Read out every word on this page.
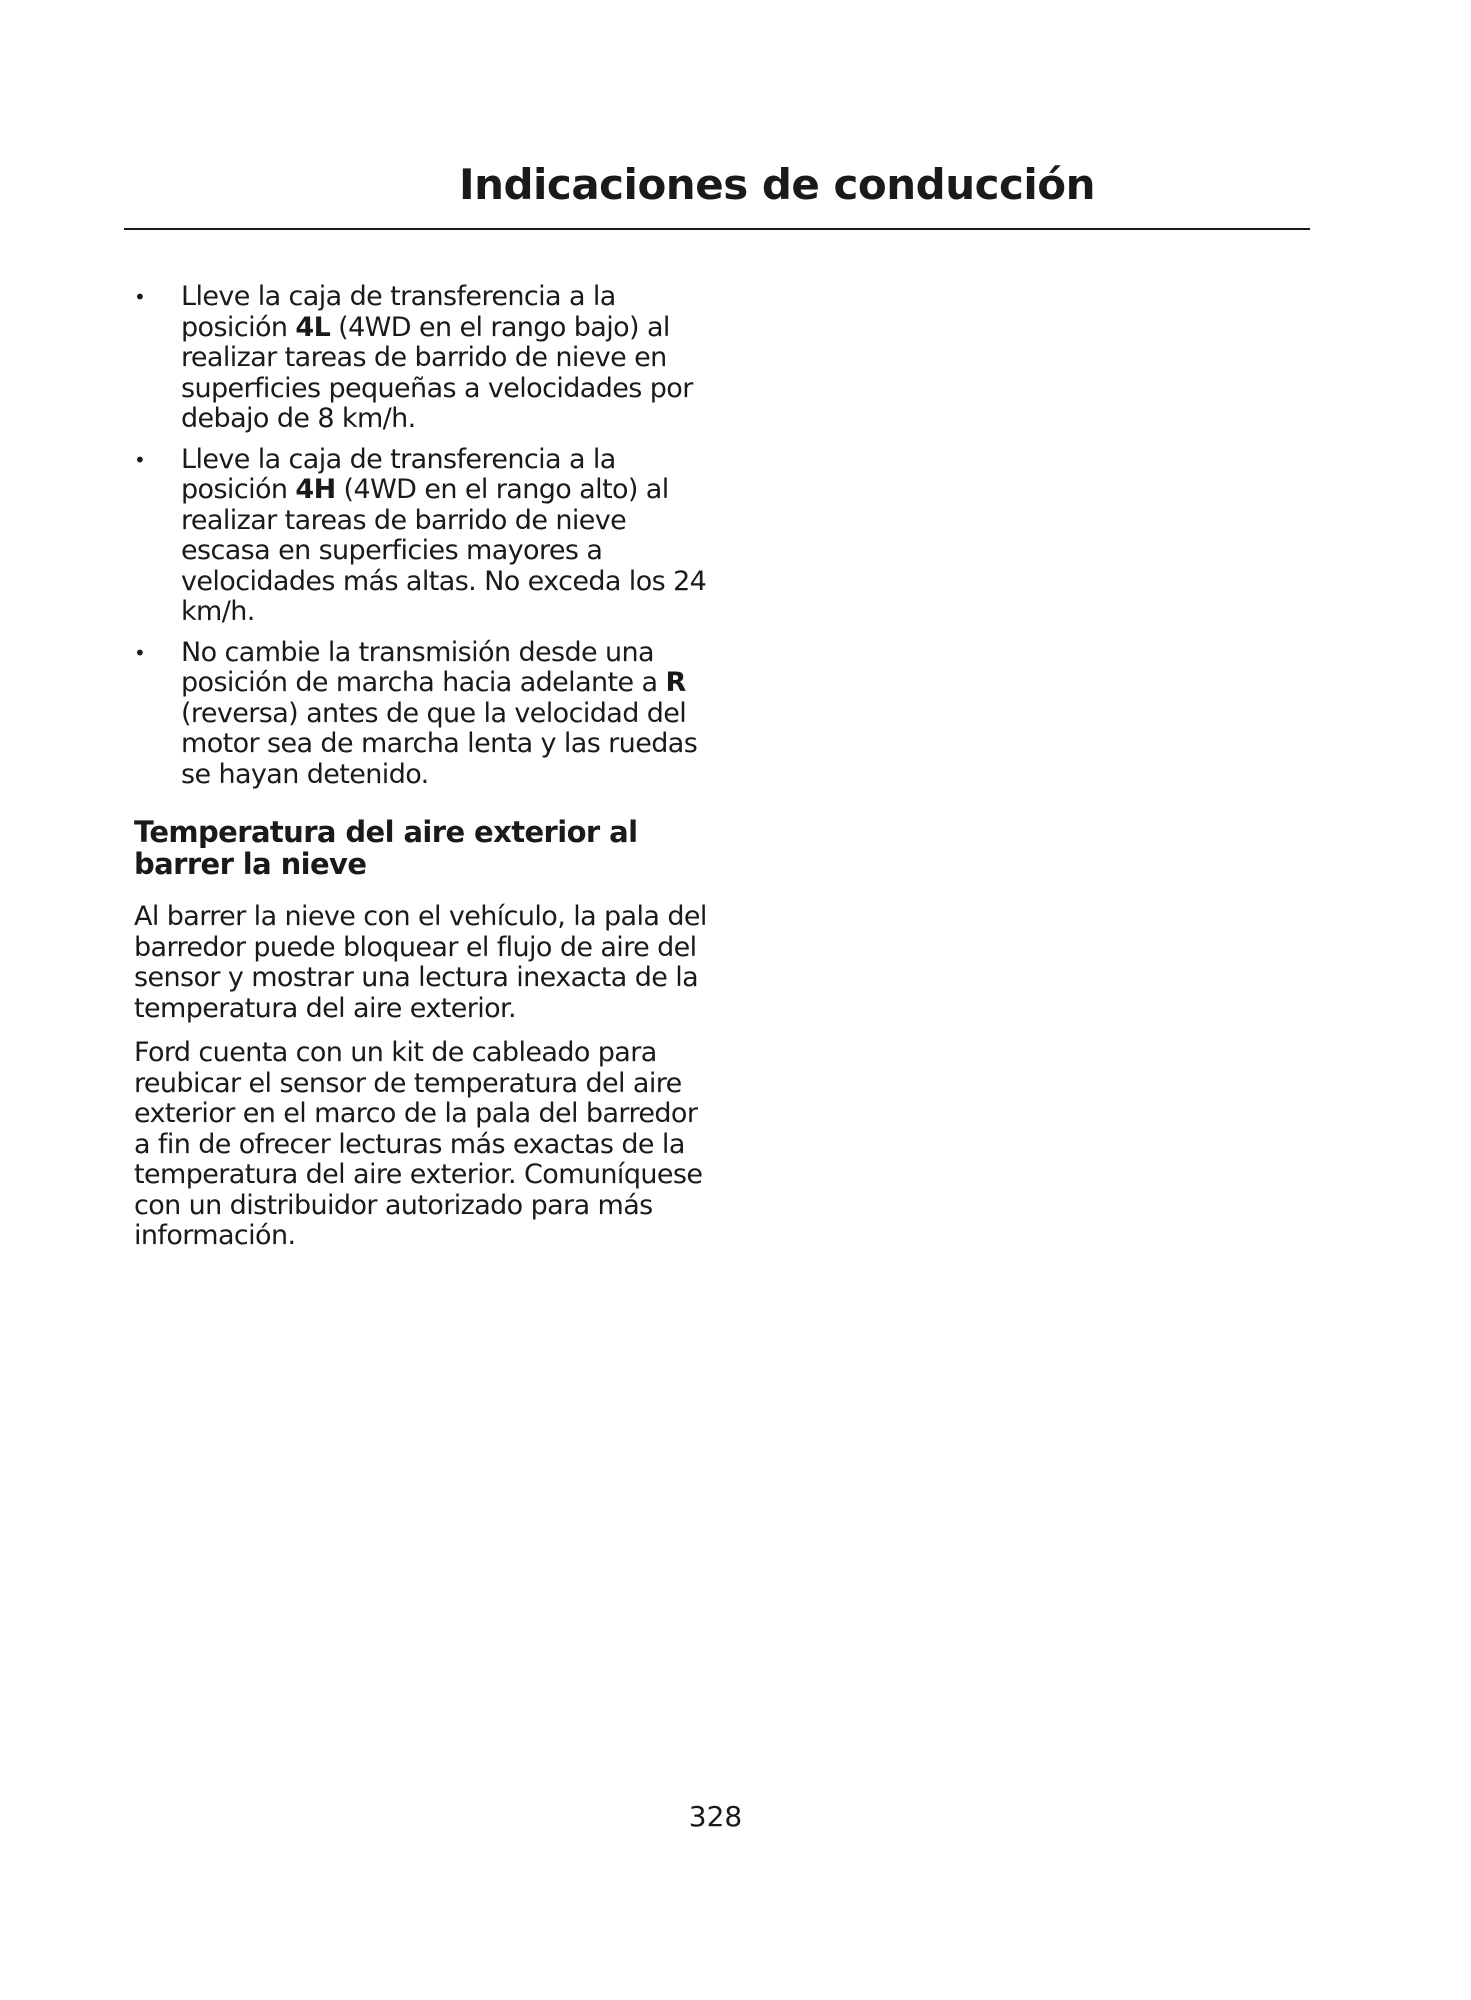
Indicaciones de conducción
• Lleve la caja de transferencia a la posición 4L (4WD en el rango bajo) al realizar tareas de barrido de nieve en superficies pequeñas a velocidades por debajo de 8 km/h.
• Lleve la caja de transferencia a la posición 4H (4WD en el rango alto) al realizar tareas de barrido de nieve escasa en superficies mayores a velocidades más altas. No exceda los 24 km/h.
• No cambie la transmisión desde una posición de marcha hacia adelante a R (reversa) antes de que la velocidad del motor sea de marcha lenta y las ruedas se hayan detenido.
Temperatura del aire exterior al barrer la nieve

Al barrer la nieve con el vehículo, la pala del barredor puede bloquear el flujo de aire del sensor y mostrar una lectura inexacta de la temperatura del aire exterior.

Ford cuenta con un kit de cableado para reubicar el sensor de temperatura del aire exterior en el marco de la pala del barredor a fin de ofrecer lecturas más exactas de la temperatura del aire exterior. Comuníquese con un distribuidor autorizado para más información.

328
